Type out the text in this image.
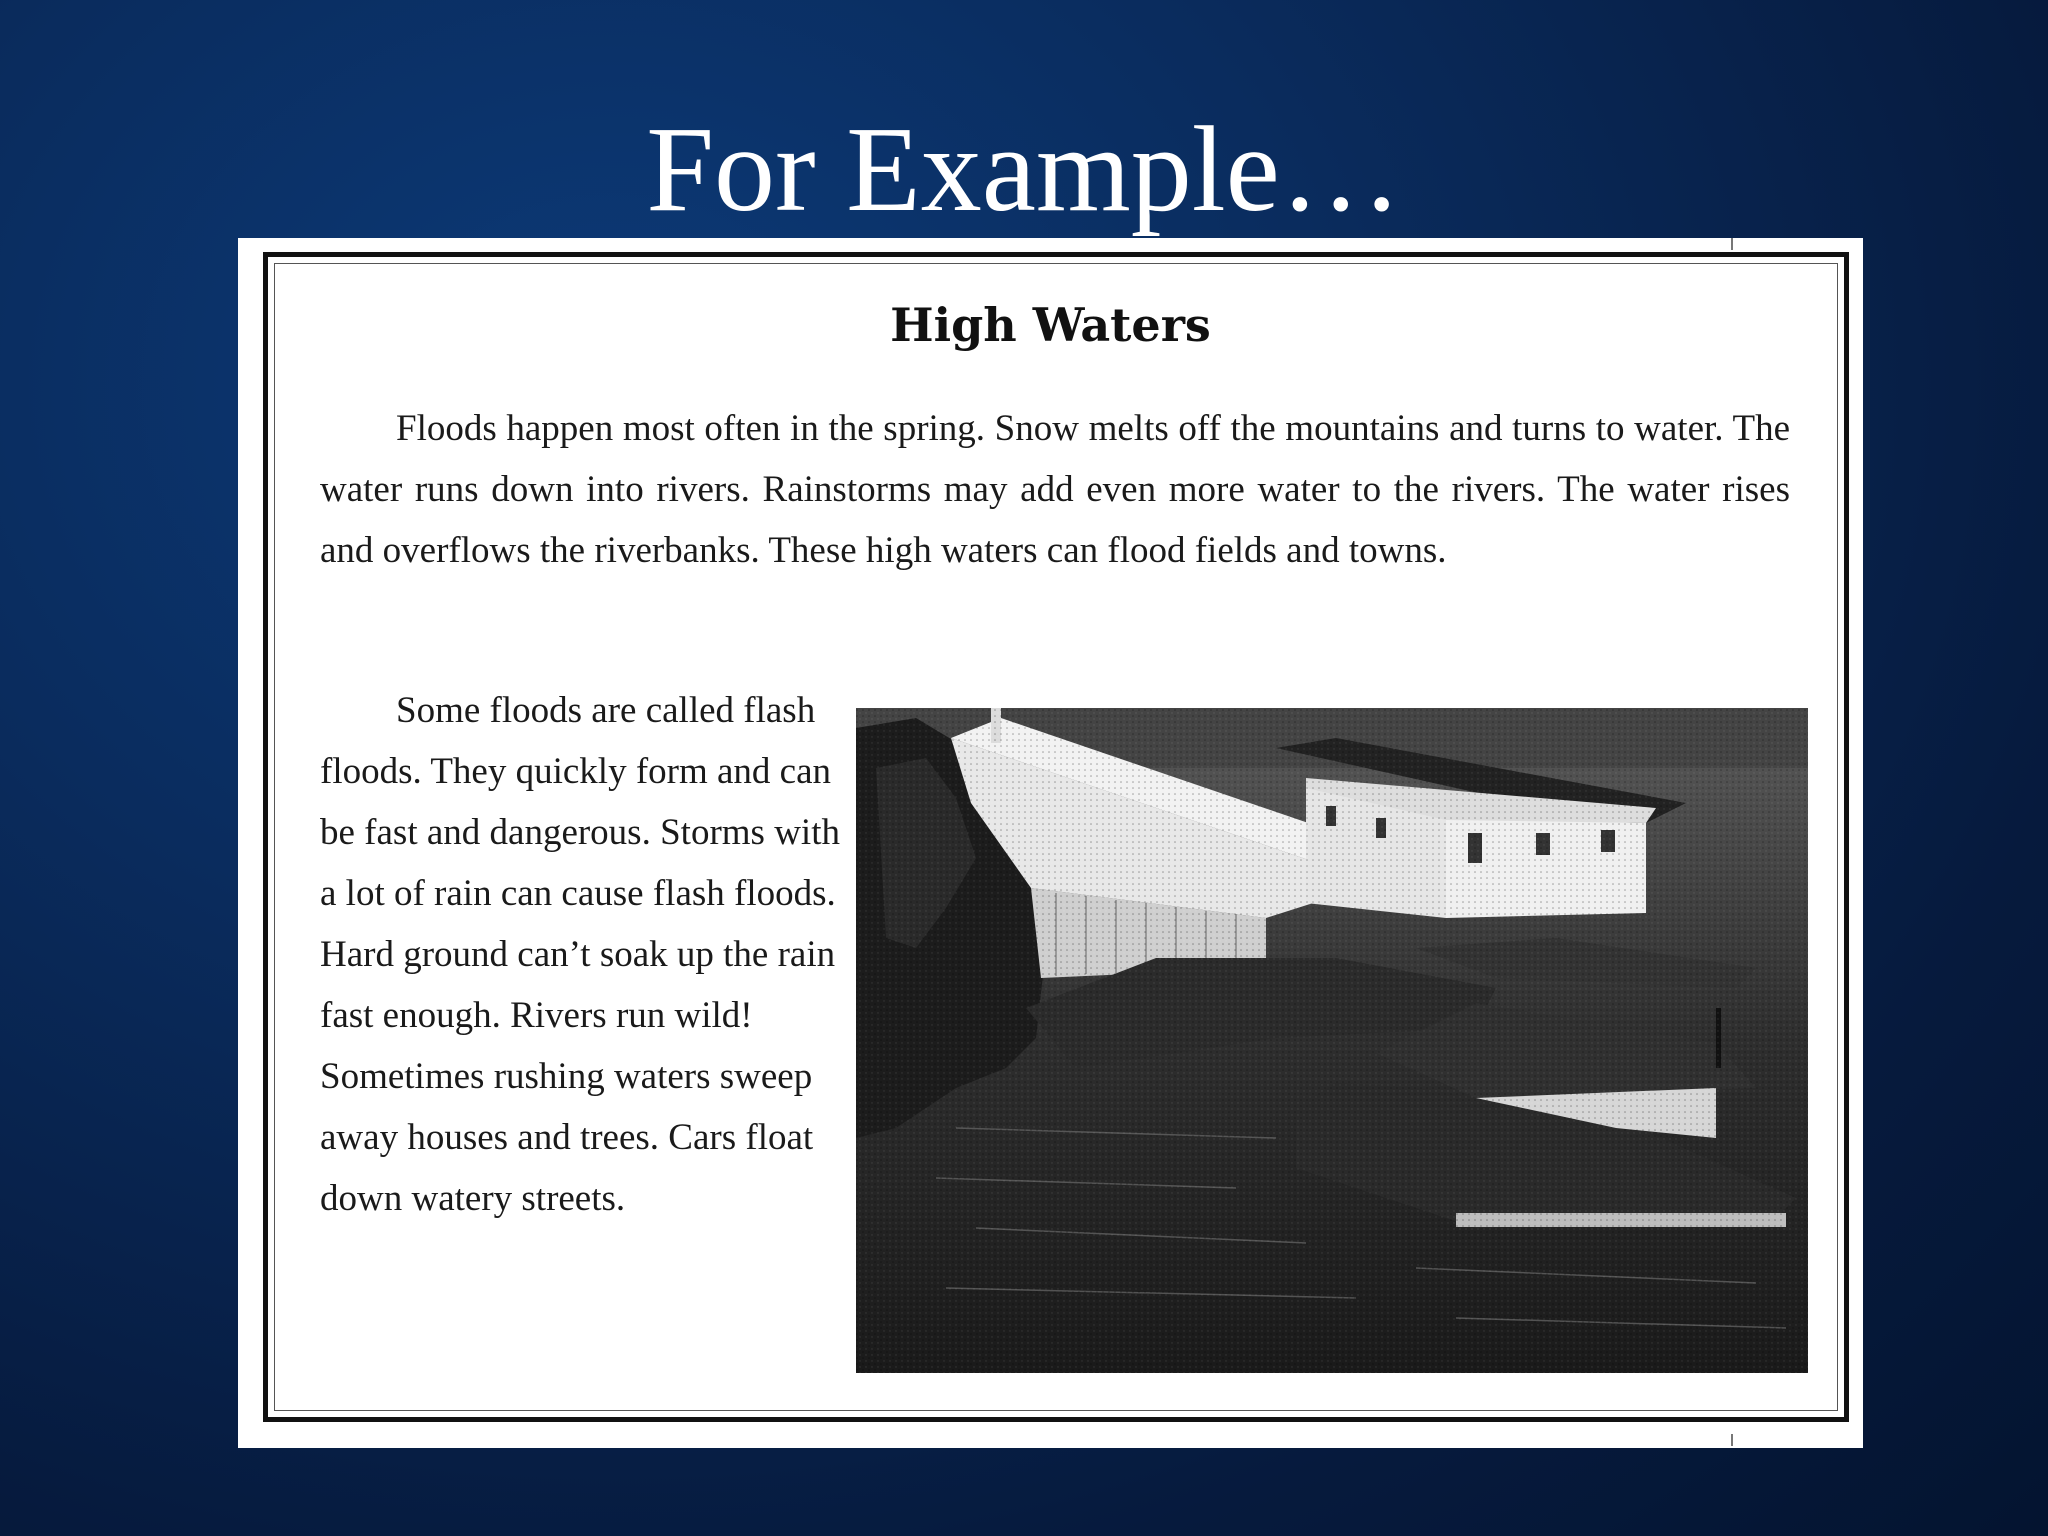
For Example…
High Waters

Floods happen most often in the spring. Snow melts off the mountains and turns to water. The water runs down into rivers. Rainstorms may add even more water to the rivers. The water rises and overflows the riverbanks. These high waters can flood fields and towns.

Some floods are called flash floods. They quickly form and can be fast and dangerous. Storms with a lot of rain can cause flash floods. Hard ground can’t soak up the rain fast enough. Rivers run wild! Sometimes rushing waters sweep away houses and trees. Cars float down watery streets.
